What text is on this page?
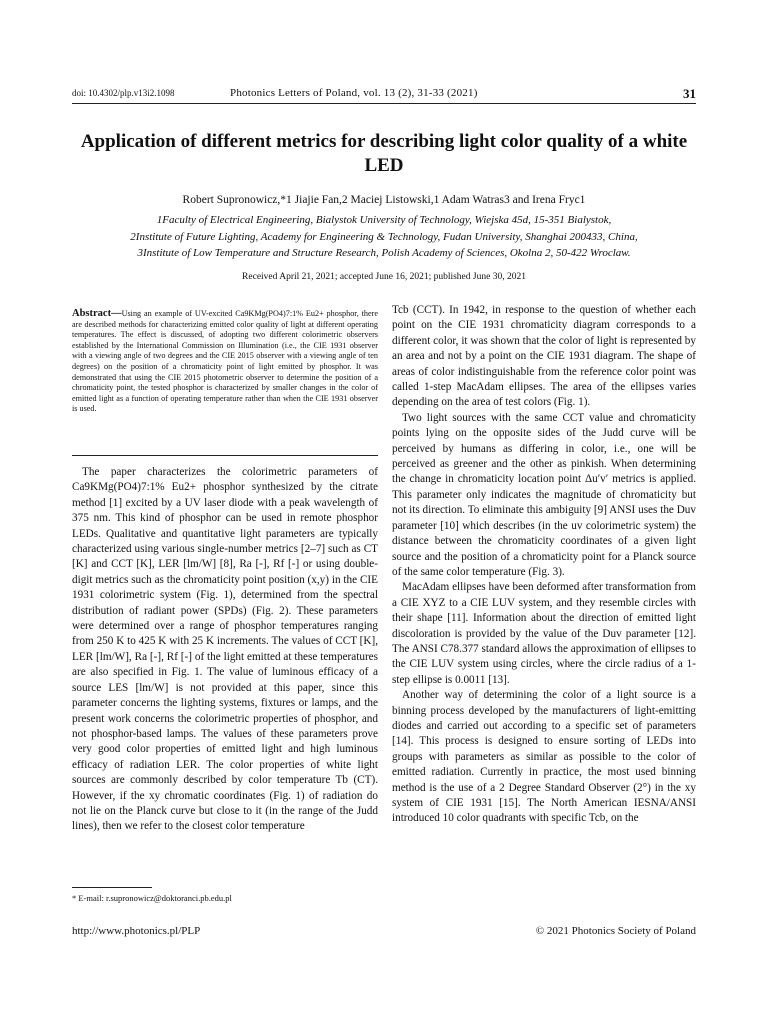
doi: 10.4302/plp.v13i2.1098	Photonics Letters of Poland, vol. 13 (2), 31-33 (2021)	31
Application of different metrics for describing light color quality of a white LED
Robert Supronowicz,*1 Jiajie Fan,2 Maciej Listowski,1 Adam Watras3 and Irena Fryc1
1Faculty of Electrical Engineering, Bialystok University of Technology, Wiejska 45d, 15-351 Bialystok,
2Institute of Future Lighting, Academy for Engineering & Technology, Fudan University, Shanghai 200433, China,
3Institute of Low Temperature and Structure Research, Polish Academy of Sciences, Okolna 2, 50-422 Wroclaw.
Received April 21, 2021; accepted June 16, 2021; published June 30, 2021
Abstract—Using an example of UV-excited Ca9KMg(PO4)7:1% Eu2+ phosphor, there are described methods for characterizing emitted color quality of light at different operating temperatures. The effect is discussed, of adopting two different colorimetric observers established by the International Commission on Illumination (i.e., the CIE 1931 observer with a viewing angle of two degrees and the CIE 2015 observer with a viewing angle of ten degrees) on the position of a chromaticity point of light emitted by phosphor. It was demonstrated that using the CIE 2015 photometric observer to determine the position of a chromaticity point, the tested phosphor is characterized by smaller changes in the color of emitted light as a function of operating temperature rather than when the CIE 1931 observer is used.

The paper characterizes the colorimetric parameters of Ca9KMg(PO4)7:1% Eu2+ phosphor synthesized by the citrate method [1] excited by a UV laser diode with a peak wavelength of 375 nm. This kind of phosphor can be used in remote phosphor LEDs. Qualitative and quantitative light parameters are typically characterized using various single-number metrics [2–7] such as CT [K] and CCT [K], LER [lm/W] [8], Ra [-], Rf [-] or using double-digit metrics such as the chromaticity point position (x,y) in the CIE 1931 colorimetric system (Fig. 1), determined from the spectral distribution of radiant power (SPDs) (Fig. 2). These parameters were determined over a range of phosphor temperatures ranging from 250 K to 425 K with 25 K increments. The values of CCT [K], LER [lm/W], Ra [-], Rf [-] of the light emitted at these temperatures are also specified in Fig. 1. The value of luminous efficacy of a source LES [lm/W] is not provided at this paper, since this parameter concerns the lighting systems, fixtures or lamps, and the present work concerns the colorimetric properties of phosphor, and not phosphor-based lamps. The values of these parameters prove very good color properties of emitted light and high luminous efficacy of radiation LER. The color properties of white light sources are commonly described by color temperature Tb (CT). However, if the xy chromatic coordinates (Fig. 1) of radiation do not lie on the Planck curve but close to it (in the range of the Judd lines), then we refer to the closest color temperature

Tcb (CCT). In 1942, in response to the question of whether each point on the CIE 1931 chromaticity diagram corresponds to a different color, it was shown that the color of light is represented by an area and not by a point on the CIE 1931 diagram. The shape of areas of color indistinguishable from the reference color point was called 1-step MacAdam ellipses. The area of the ellipses varies depending on the area of test colors (Fig. 1).

Two light sources with the same CCT value and chromaticity points lying on the opposite sides of the Judd curve will be perceived by humans as differing in color, i.e., one will be perceived as greener and the other as pinkish. When determining the change in chromaticity location point Δu′v′ metrics is applied. This parameter only indicates the magnitude of chromaticity but not its direction. To eliminate this ambiguity [9] ANSI uses the Duv parameter [10] which describes (in the uv colorimetric system) the distance between the chromaticity coordinates of a given light source and the position of a chromaticity point for a Planck source of the same color temperature (Fig. 3).

MacAdam ellipses have been deformed after transformation from a CIE XYZ to a CIE LUV system, and they resemble circles with their shape [11]. Information about the direction of emitted light discoloration is provided by the value of the Duv parameter [12]. The ANSI C78.377 standard allows the approximation of ellipses to the CIE LUV system using circles, where the circle radius of a 1-step ellipse is 0.0011 [13].

Another way of determining the color of a light source is a binning process developed by the manufacturers of light-emitting diodes and carried out according to a specific set of parameters [14]. This process is designed to ensure sorting of LEDs into groups with parameters as similar as possible to the color of emitted radiation. Currently in practice, the most used binning method is the use of a 2 Degree Standard Observer (2°) in the xy system of CIE 1931 [15]. The North American IESNA/ANSI introduced 10 color quadrants with specific Tcb, on the

* E-mail: r.supronowicz@doktoranci.pb.edu.pl
http://www.photonics.pl/PLP	© 2021 Photonics Society of Poland
